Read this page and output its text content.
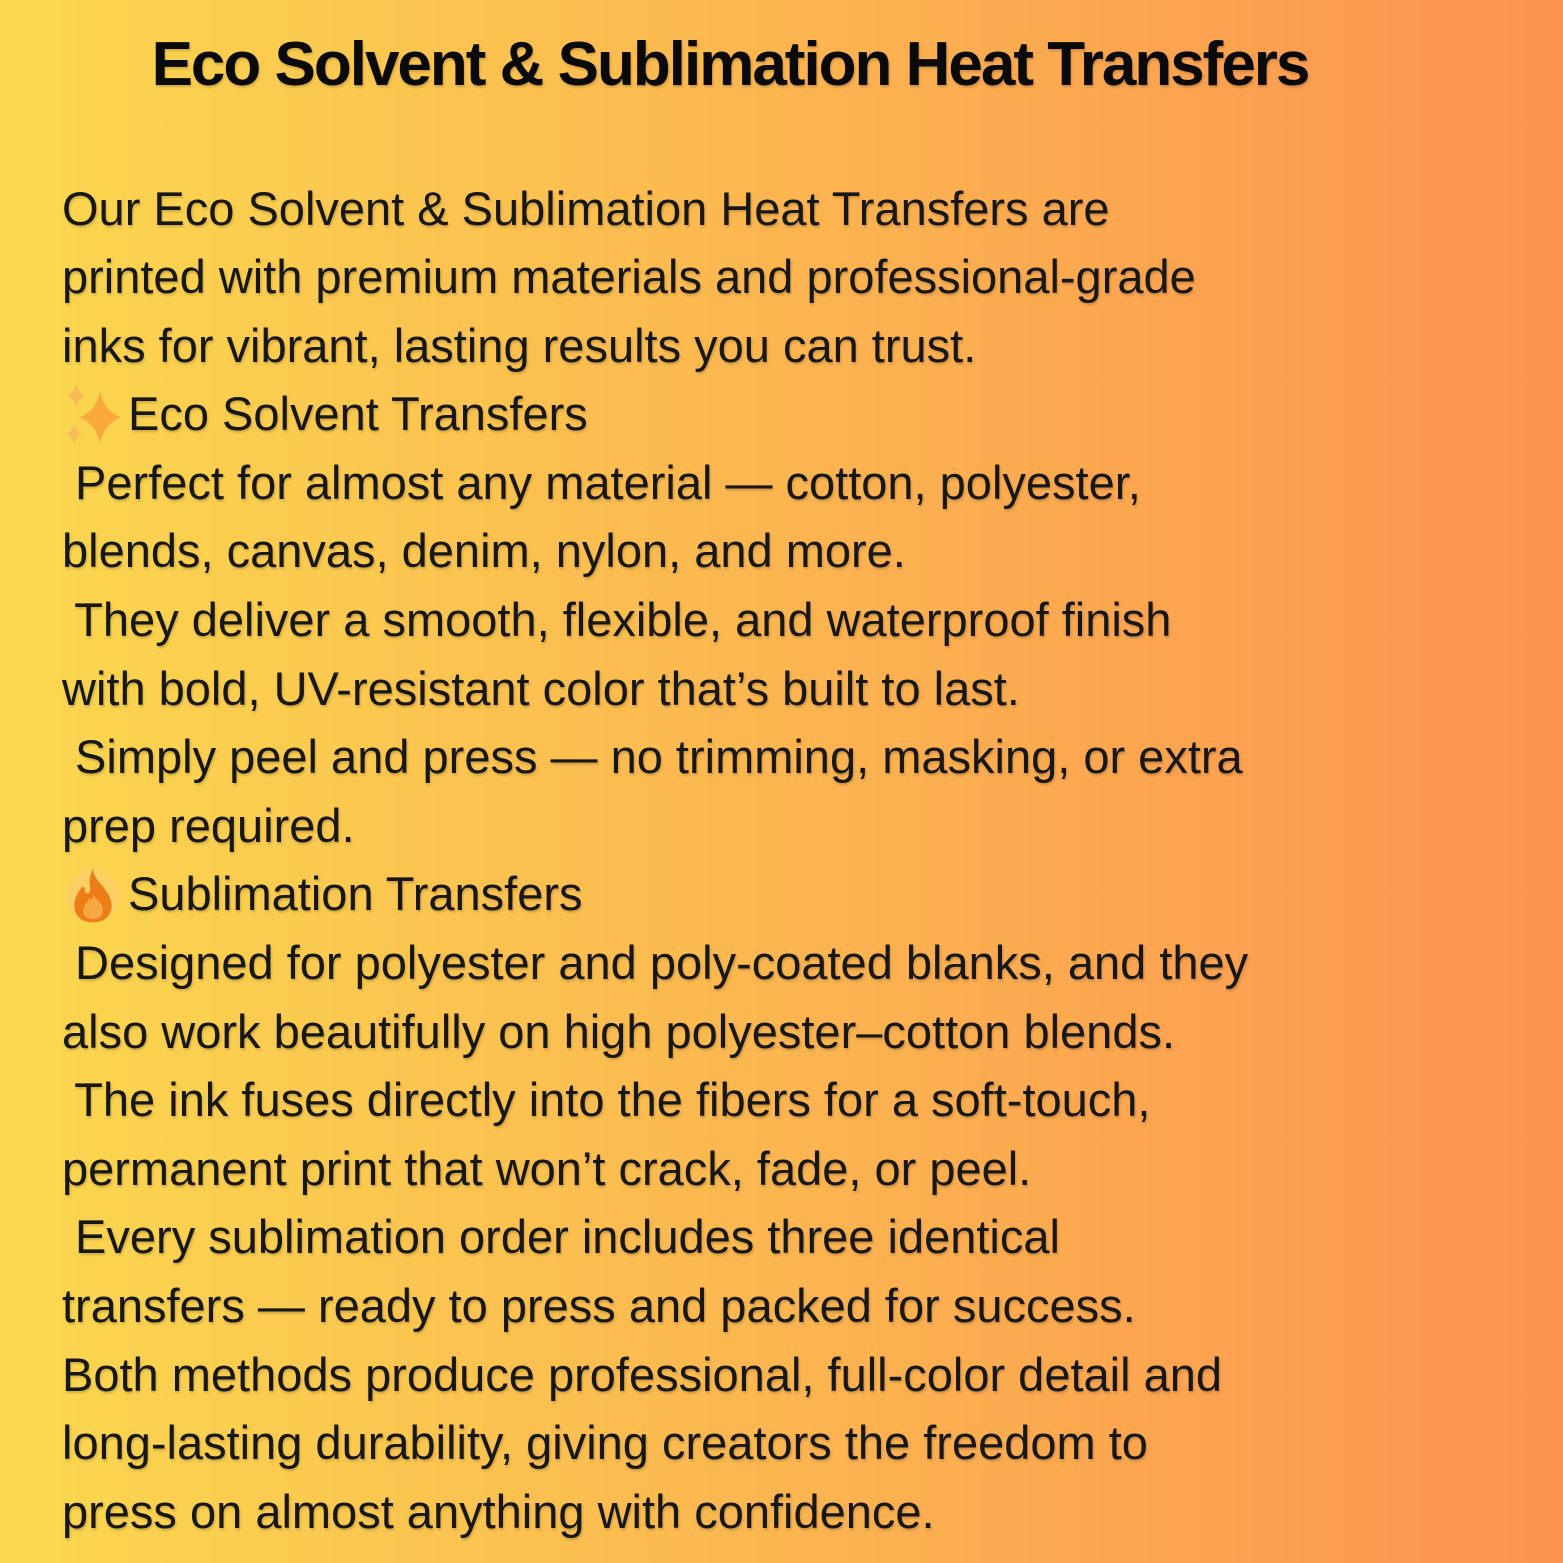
Eco Solvent & Sublimation Heat Transfers
Our Eco Solvent & Sublimation Heat Transfers are
printed with premium materials and professional-grade
inks for vibrant, lasting results you can trust.
Eco Solvent Transfers
Perfect for almost any material — cotton, polyester,
blends, canvas, denim, nylon, and more.
They deliver a smooth, flexible, and waterproof finish
with bold, UV-resistant color that’s built to last.
Simply peel and press — no trimming, masking, or extra
prep required.
Sublimation Transfers
Designed for polyester and poly-coated blanks, and they
also work beautifully on high polyester–cotton blends.
The ink fuses directly into the fibers for a soft-touch,
permanent print that won’t crack, fade, or peel.
Every sublimation order includes three identical
transfers — ready to press and packed for success.
Both methods produce professional, full-color detail and
long-lasting durability, giving creators the freedom to
press on almost anything with confidence.
